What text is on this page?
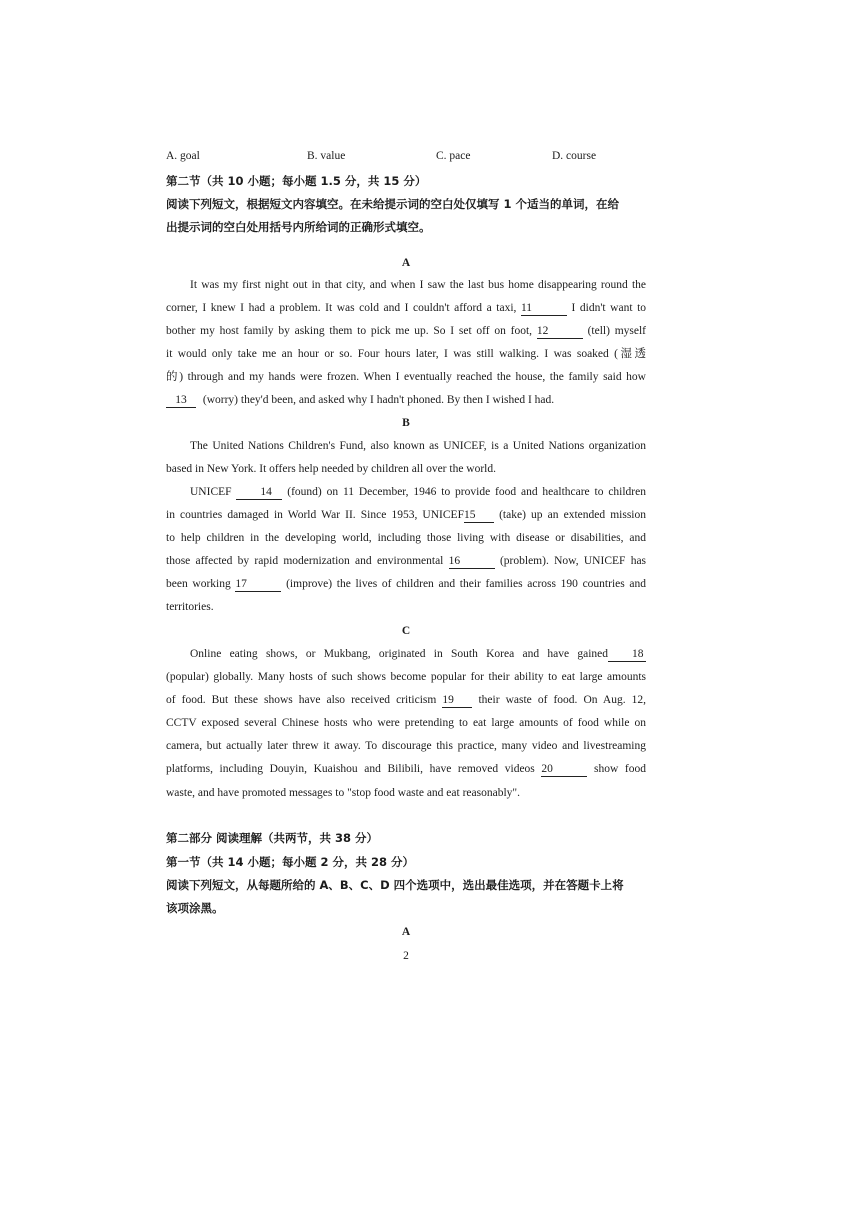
A. goal	B. value	C. pace	D. course
第二节（共 10 小题；每小题 1.5 分，共 15 分）
阅读下列短文，根据短文内容填空。在未给提示词的空白处仅填写 1 个适当的单词，在给
出提示词的空白处用括号内所给词的正确形式填空。
A
It was my first night out in that city, and when I saw the last bus home disappearing round the
corner, I knew I had a problem. It was cold and I couldn't afford a taxi, 11	I didn't want to
bother my host family by asking them to pick me up. So I set off on foot, 12	(tell) myself
it would only take me an hour or so. Four hours later, I was still walking. I was soaked (湿透
的) through and my hands were frozen. When I eventually reached the house, the family said how
13 (worry) they'd been, and asked why I hadn't phoned. By then I wished I had.
B
The United Nations Children's Fund, also known as UNICEF, is a United Nations organization
based in New York. It offers help needed by children all over the world.
UNICEF	14 (found) on 11 December, 1946 to provide food and healthcare to children
in countries damaged in World War II. Since 1953, UNICEF15 (take) up an extended mission
to help children in the developing world, including those living with disease or disabilities, and
those affected by rapid modernization and environmental 16	(problem). Now, UNICEF has
been working 17	(improve) the lives of children and their families across 190 countries and
territories.
C
Online eating shows, or Mukbang, originated in South Korea and have gained 18
(popular) globally. Many hosts of such shows become popular for their ability to eat large amounts
of food. But these shows have also received criticism 19 their waste of food. On Aug. 12,
CCTV exposed several Chinese hosts who were pretending to eat large amounts of food while on
camera, but actually later threw it away. To discourage this practice, many video and livestreaming
platforms, including Douyin, Kuaishou and Bilibili, have removed videos 20	show food
waste, and have promoted messages to "stop food waste and eat reasonably".
第二部分 阅读理解（共两节，共 38 分）
第一节（共 14 小题；每小题 2 分，共 28 分）
阅读下列短文，从每题所给的 A、B、C、D 四个选项中，选出最佳选项，并在答题卡上将
该项涂黑。
A
2
